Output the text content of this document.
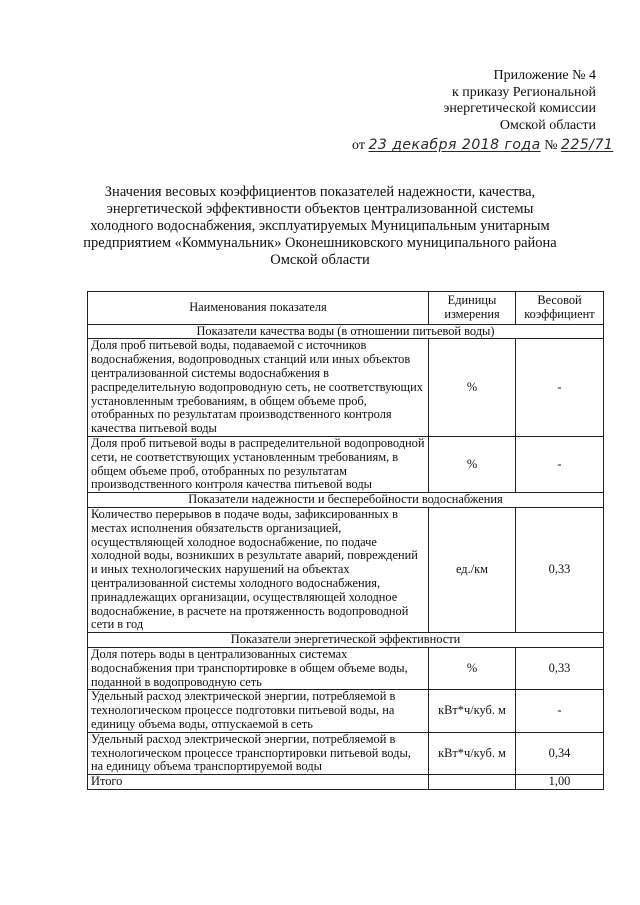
Приложение № 4
к приказу Региональной
энергетической комиссии
Омской области
от 23 декабря 2018 года № 225/71
Значения весовых коэффициентов показателей надежности, качества,
энергетической эффективности объектов централизованной системы
холодного водоснабжения, эксплуатируемых Муниципальным унитарным
предприятием «Коммунальник» Оконешниковского муниципального района
Омской области
Наименования показателя	Единицы измерения	Весовой коэффициент
Показатели качества воды (в отношении питьевой воды)		
Доля проб питьевой воды, подаваемой с источников водоснабжения, водопроводных станций или иных объектов централизованной системы водоснабжения в распределительную водопроводную сеть, не соответствующих установленным требованиям, в общем объеме проб, отобранных по результатам производственного контроля качества питьевой воды	%	-
Доля проб питьевой воды в распределительной водопроводной сети, не соответствующих установленным требованиям, в общем объеме проб, отобранных по результатам производственного контроля качества питьевой воды	%	-
Показатели надежности и бесперебойности водоснабжения		
Количество перерывов в подаче воды, зафиксированных в местах исполнения обязательств организацией, осуществляющей холодное водоснабжение, по подаче холодной воды, возникших в результате аварий, повреждений и иных технологических нарушений на объектах централизованной системы холодного водоснабжения, принадлежащих организации, осуществляющей холодное водоснабжение, в расчете на протяженность водопроводной сети в год	ед./км	0,33
Показатели энергетической эффективности		
Доля потерь воды в централизованных системах водоснабжения при транспортировке в общем объеме воды, поданной в водопроводную сеть	%	0,33
Удельный расход электрической энергии, потребляемой в технологическом процессе подготовки питьевой воды, на единицу объема воды, отпускаемой в сеть	кВт*ч/куб. м	-
Удельный расход электрической энергии, потребляемой в технологическом процессе транспортировки питьевой воды, на единицу объема транспортируемой воды	кВт*ч/куб. м	0,34
Итого		1,00
